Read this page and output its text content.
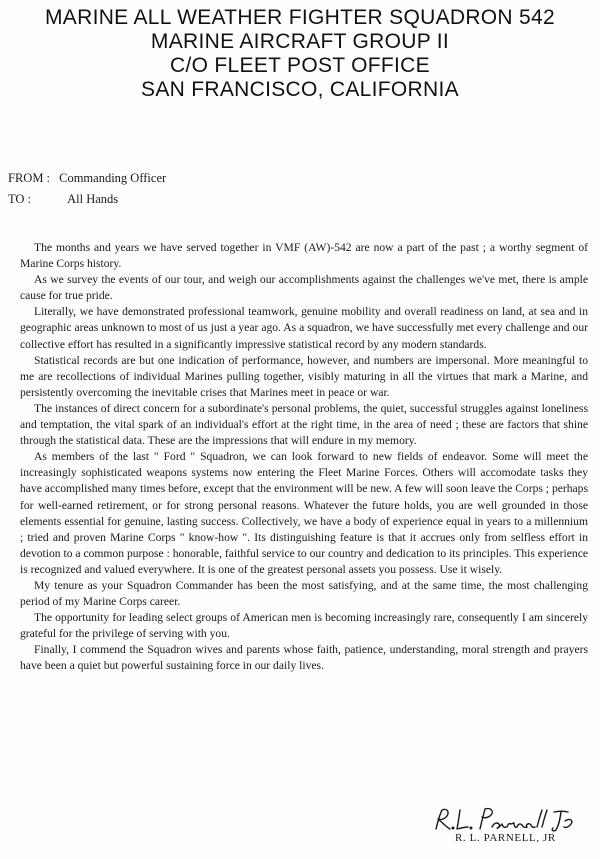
MARINE ALL WEATHER FIGHTER SQUADRON 542
MARINE AIRCRAFT GROUP II
C/O FLEET POST OFFICE
SAN FRANCISCO, CALIFORNIA
FROM : Commanding Officer
TO :	All Hands

The months and years we have served together in VMF (AW)-542 are now a part of the past ; a worthy segment of Marine Corps history.

As we survey the events of our tour, and weigh our accomplishments against the challenges we've met, there is ample cause for true pride.

Literally, we have demonstrated professional teamwork, genuine mobility and overall readiness on land, at sea and in geographic areas unknown to most of us just a year ago. As a squadron, we have successfully met every challenge and our collective effort has resulted in a significantly impressive statistical record by any modern standards.

Statistical records are but one indication of performance, however, and numbers are impersonal. More meaningful to me are recollections of individual Marines pulling together, visibly maturing in all the virtues that mark a Marine, and persistently overcoming the inevitable crises that Marines meet in peace or war.

The instances of direct concern for a subordinate's personal problems, the quiet, successful struggles against loneliness and temptation, the vital spark of an individual's effort at the right time, in the area of need ; these are factors that shine through the statistical data. These are the impressions that will endure in my memory.

As members of the last " Ford " Squadron, we can look forward to new fields of endeavor. Some will meet the increasingly sophisticated weapons systems now entering the Fleet Marine Forces. Others will accomodate tasks they have accomplished many times before, except that the environment will be new. A few will soon leave the Corps ; perhaps for well-earned retirement, or for strong personal reasons. Whatever the future holds, you are well grounded in those elements essential for genuine, lasting success. Collectively, we have a body of experience equal in years to a millennium ; tried and proven Marine Corps " know-how ". Its distinguishing feature is that it accrues only from selfless effort in devotion to a common purpose : honorable, faithful service to our country and dedication to its principles. This experience is recognized and valued everywhere. It is one of the greatest personal assets you possess. Use it wisely.

My tenure as your Squadron Commander has been the most satisfying, and at the same time, the most challenging period of my Marine Corps career.

The opportunity for leading select groups of American men is becoming increasingly rare, consequently I am sincerely grateful for the privilege of serving with you.

Finally, I commend the Squadron wives and parents whose faith, patience, understanding, moral strength and prayers have been a quiet but powerful sustaining force in our daily lives.

R. L. PARNELL, JR
